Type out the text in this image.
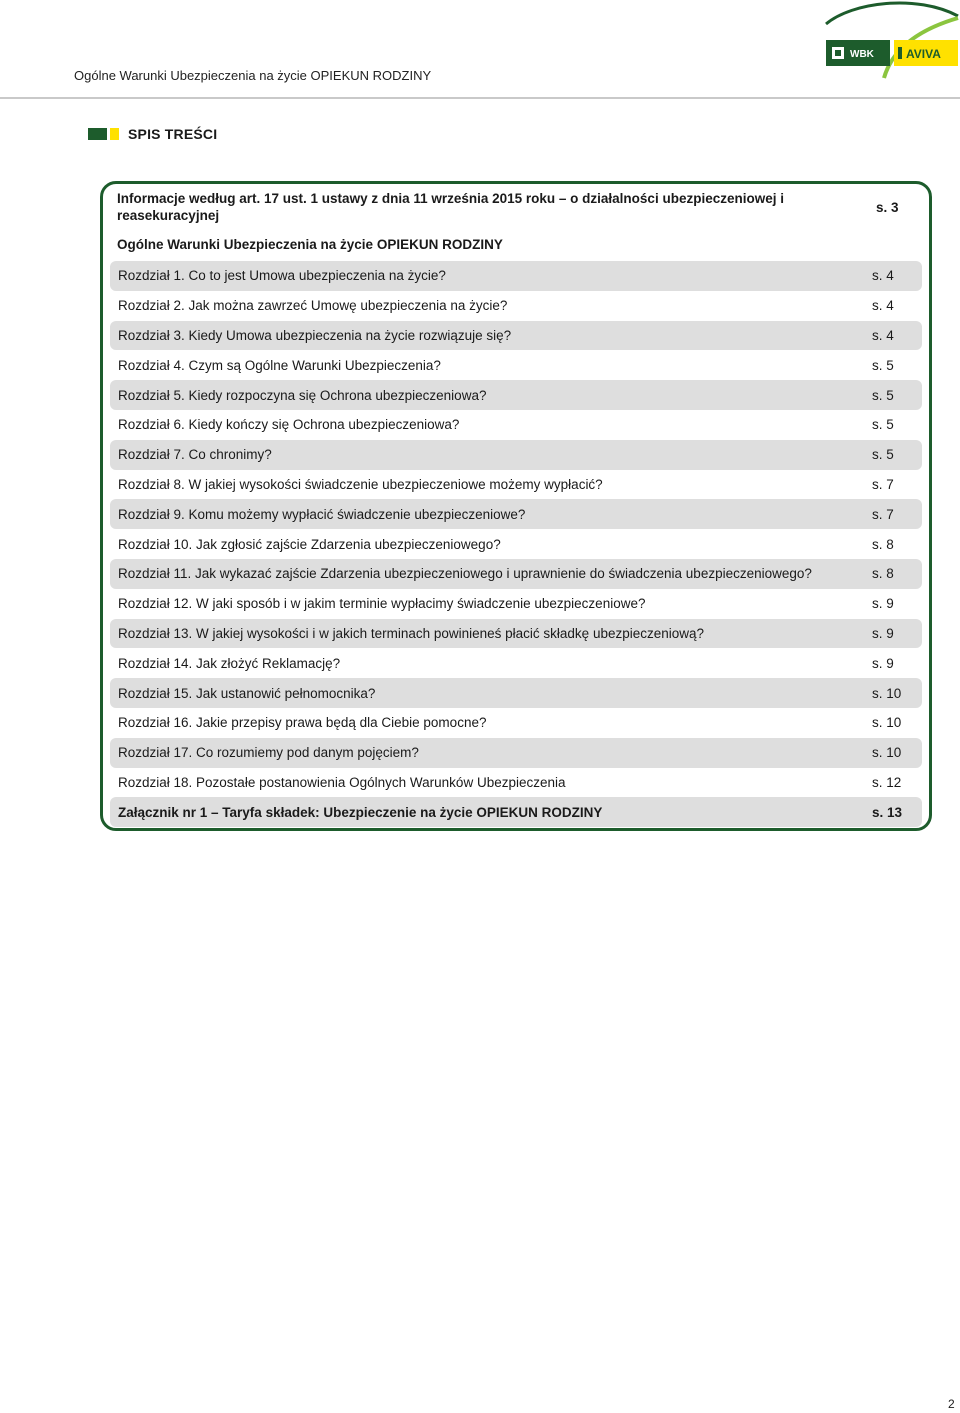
Ogólne Warunki Ubezpieczenia na życie OPIEKUN RODZINY
WBK	AVIVA
SPIS TREŚCI
Informacje według art. 17 ust. 1 ustawy z dnia 11 września 2015 roku – o działalności ubezpieczeniowej i reasekuracyjnej
s. 3
Ogólne Warunki Ubezpieczenia na życie OPIEKUN RODZINY
Rozdział 1. Co to jest Umowa ubezpieczenia na życie?	s. 4
Rozdział 2. Jak można zawrzeć Umowę ubezpieczenia na życie?	s. 4
Rozdział 3. Kiedy Umowa ubezpieczenia na życie rozwiązuje się?	s. 4
Rozdział 4. Czym są Ogólne Warunki Ubezpieczenia?	s. 5
Rozdział 5. Kiedy rozpoczyna się Ochrona ubezpieczeniowa?	s. 5
Rozdział 6. Kiedy kończy się Ochrona ubezpieczeniowa?	s. 5
Rozdział 7. Co chronimy?	s. 5
Rozdział 8. W jakiej wysokości świadczenie ubezpieczeniowe możemy wypłacić?	s. 7
Rozdział 9. Komu możemy wypłacić świadczenie ubezpieczeniowe?	s. 7
Rozdział 10. Jak zgłosić zajście Zdarzenia ubezpieczeniowego?	s. 8
Rozdział 11. Jak wykazać zajście Zdarzenia ubezpieczeniowego i uprawnienie do świadczenia ubezpieczeniowego?	s. 8
Rozdział 12. W jaki sposób i w jakim terminie wypłacimy świadczenie ubezpieczeniowe?	s. 9
Rozdział 13. W jakiej wysokości i w jakich terminach powinieneś płacić składkę ubezpieczeniową?	s. 9
Rozdział 14. Jak złożyć Reklamację?	s. 9
Rozdział 15. Jak ustanowić pełnomocnika?	s. 10
Rozdział 16. Jakie przepisy prawa będą dla Ciebie pomocne?	s. 10
Rozdział 17. Co rozumiemy pod danym pojęciem?	s. 10
Rozdział 18. Pozostałe postanowienia Ogólnych Warunków Ubezpieczenia	s. 12
Załącznik nr 1 – Taryfa składek: Ubezpieczenie na życie OPIEKUN RODZINY	s. 13
2
